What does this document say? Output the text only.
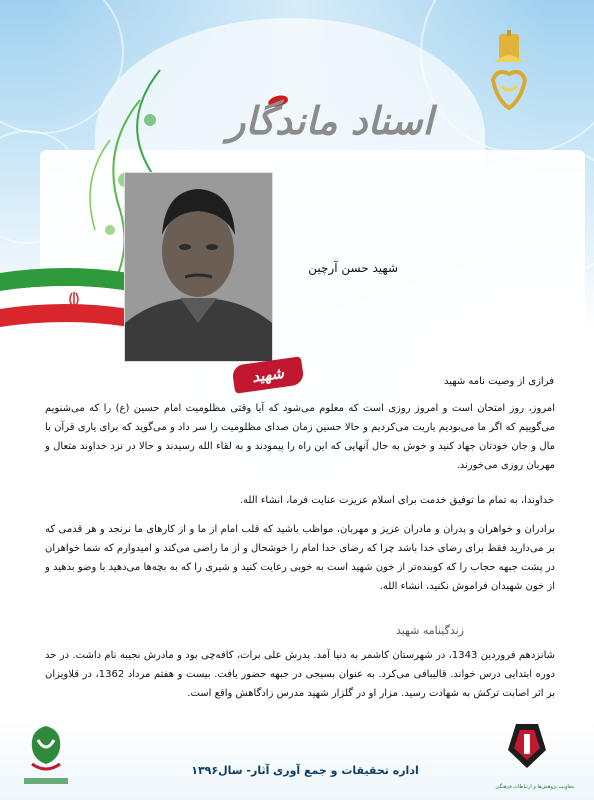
اسناد ماندگار
شهید حسن آرچین
شهید	فرازی از وصیت نامه شهید

امروز، روز امتحان است و امروز روزی است که معلوم می‌شود که آیا وقتی مظلومیت امام حسین (ع) را که می‌شنویم می‌گوییم که اگر ما می‌بودیم یاریت می‌کردیم و حالا حسین زمان صدای مظلومیت را سر داد و می‌گوید که برای یاری قرآن با مال و جان خودتان جهاد کنید و خوش به حال آنهایی که این راه را پیمودند و به لقاء الله رسیدند و حالا در نزد خداوند متعال و مهربان روزی می‌خورند.

خداوندا، به تمام ما توفیق خدمت برای اسلام عزیزت عنایت فرما، انشاء الله.

برادران و خواهران و پدران و مادران عزیز و مهربان، مواظب باشید که قلب امام از ما و از کارهای ما نرنجد و هر قدمی که بر می‌دارید فقط برای رضای خدا باشد چرا که رضای خدا امام را خوشحال و از ما راضی می‌کند و امیدوارم که شما خواهران در پشت جبهه حجاب را که کوبنده‌تر از خون شهید است به خوبی رعایت کنید و شیری را که به بچه‌ها می‌دهید با وضو بدهید و از خون شهیدان فراموش نکنید، انشاء الله.

زندگینامه شهید

شانزدهم فروردین 1343، در شهرستان کاشمر به دنیا آمد. پدرش علی برات، کافه‌چی بود و مادرش نجیبه نام داشت. در حد دوره ابتدایی درس خواند. قالیبافی می‌کرد. به عنوان بسیجی در جبهه حضور یافت. بیست و هفتم مرداد 1362، در قلاویزان بر اثر اصابت ترکش به شهادت رسید. مزار او در گلزار شهید مدرس زادگاهش واقع است.

اداره تحقیقات و جمع آوری آثار- سال۱۳۹۶
معاونت پژوهش‌ها و ارتباطات فرهنگی
